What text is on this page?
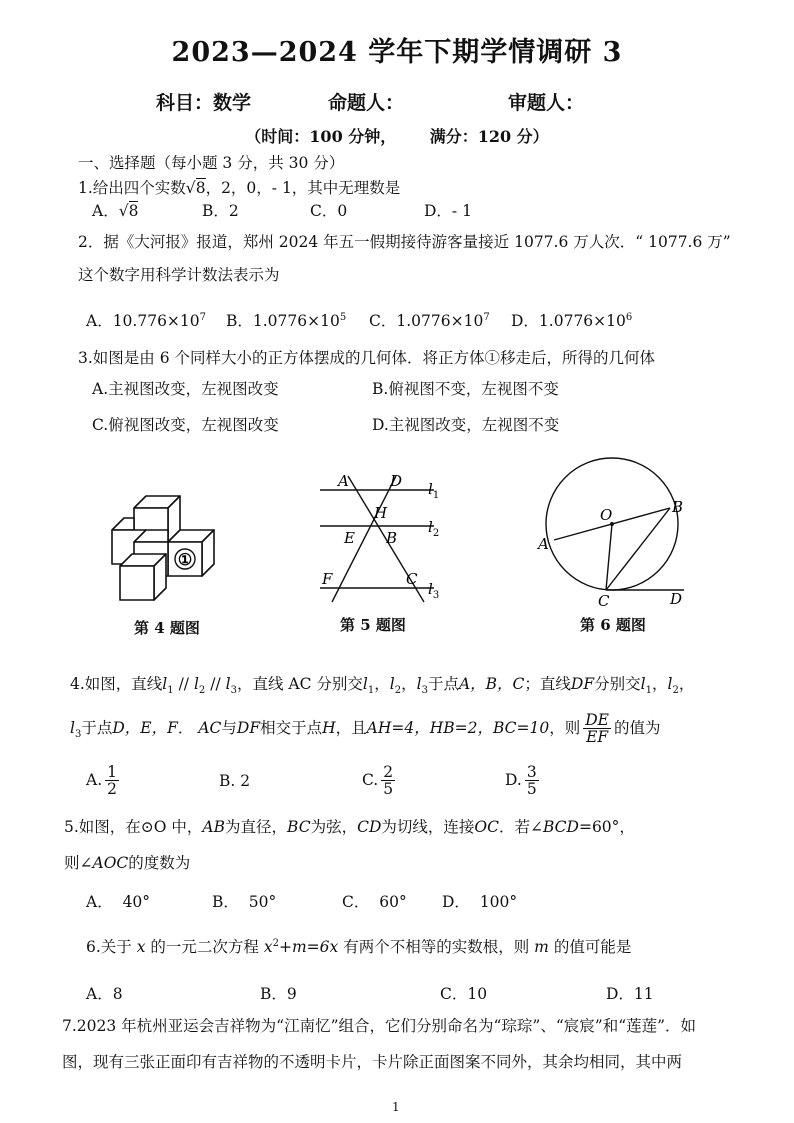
2023—2024 学年下期学情调研 3
科目：数学	命题人：	审题人：
（时间：100 分钟， 满分：120 分）
一、选择题（每小题 3 分，共 30 分）
1.给出四个实数√8，2，0，- 1，其中无理数是
A．√8	B．2	C．0	D．- 1
2．据《大河报》报道，郑州 2024 年五一假期接待游客量接近 1077.6 万人次．“ 1077.6 万”
这个数字用科学计数法表示为
A．$10.776\times 10^7$ B．$1.0776\times 10^5$ C．$1.0776\times 10^7$ D．$1.0776\times 10^6$
3.如图是由 6 个同样大小的正方体摆成的几何体．将正方体①移走后，所得的几何体
A.主视图改变，左视图改变	B.俯视图不变，左视图不变
C.俯视图改变，左视图改变	D.主视图改变，左视图不变
①
第 4 题图
A	D
H
E B
F	C
$l_1$
$l_2$
$l_3$
第 5 题图
O	B
A
C	D
第 6 题图
4.如图，直线$l_1 // l_2 // l_3$，直线 AC 分别交$l_1$，$l_2$，$l_3$于点A，B，C；直线DF分别交$l_1$，$l_2$，
$l_3$于点D，E，F． AC与DF相交于点H，且AH=4，HB=2，BC=10，则 $\frac{DE}{EF}$ 的值为
A. $\frac{1}{2}$	B. 2	C. $\frac{2}{5}$	D. $\frac{3}{5}$
5.如图，在⊙O 中，AB为直径，BC为弦，CD为切线，连接OC．若∠BCD=60°，
则∠AOC的度数为
A． 40°	B． 50°	C． 60° D． 100°
6.关于 x 的一元二次方程 $x^2+m=6x$ 有两个不相等的实数根，则 m 的值可能是
A．8	B．9	C．10	D．11
7.2023 年杭州亚运会吉祥物为“江南忆”组合，它们分别命名为“琮琮”、“宸宸”和“莲莲”．如
图，现有三张正面印有吉祥物的不透明卡片，卡片除正面图案不同外，其余均相同，其中两
1
